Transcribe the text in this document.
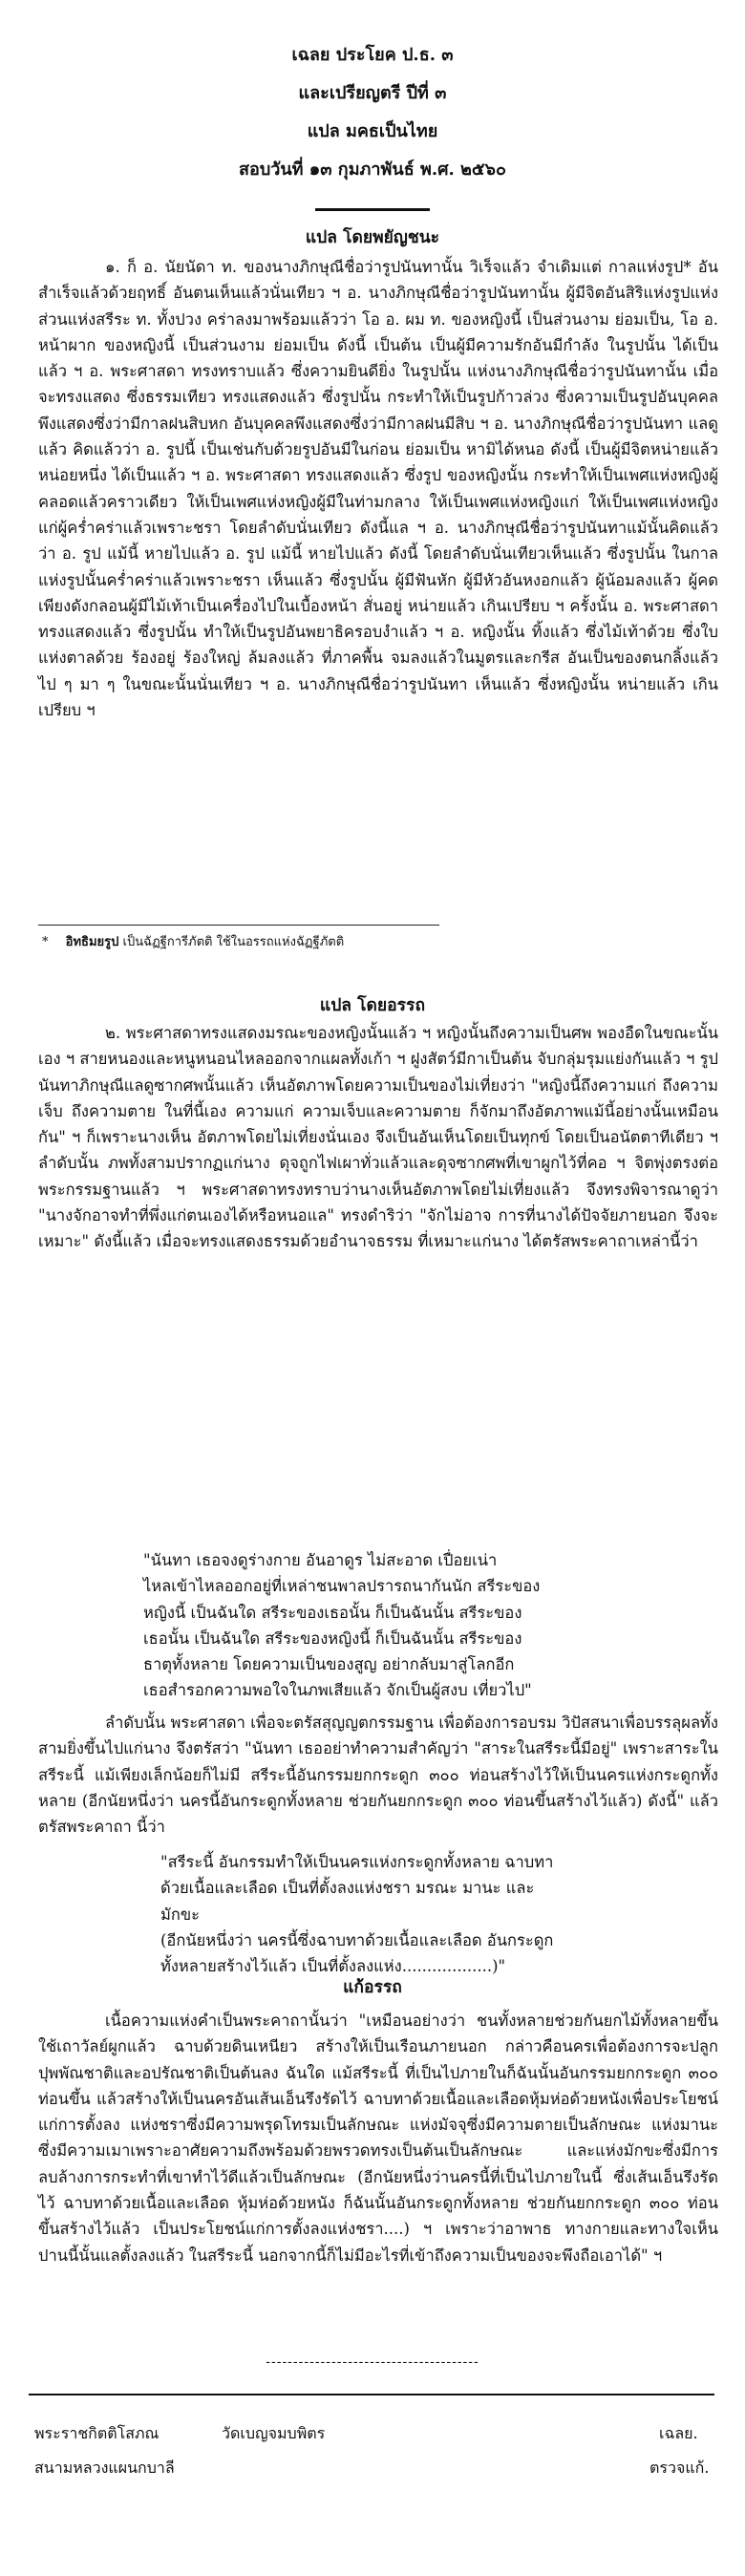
เฉลย ประโยค ป.ธ. ๓
และเปรียญตรี ปีที่ ๓
แปล มคธเป็นไทย
สอบวันที่ ๑๓ กุมภาพันธ์ พ.ศ. ๒๕๖๐
แปล โดยพยัญชนะ

๑. ก็ อ. นัยนัดา ท. ของนางภิกษุณีชื่อว่ารูปนันทานั้น วิเร็จแล้ว จำเดิมแต่ กาลแห่งรูป* อันสำเร็จแล้วด้วยฤทธิ์ อันตนเห็นแล้วนั่นเทียว ฯ อ. นางภิกษุณีชื่อว่ารูปนันทานั้น ผู้มีจิตอันสิริแห่งรูปแห่งส่วนแห่งสรีระ ท. ทั้งปวง คร่าลงมาพร้อมแล้วว่า โอ อ. ผม ท. ของหญิงนี้ เป็นส่วนงาม ย่อมเป็น, โอ อ. หน้าผาก ของหญิงนี้ เป็นส่วนงาม ย่อมเป็น ดังนี้ เป็นต้น เป็นผู้มีความรักอันมีกำลัง ในรูปนั้น ได้เป็นแล้ว ฯ อ. พระศาสดา ทรงทราบแล้ว ซึ่งความยินดียิ่ง ในรูปนั้น แห่งนางภิกษุณีชื่อว่ารูปนันทานั้น เมื่อจะทรงแสดง ซึ่งธรรมเทียว ทรงแสดงแล้ว ซึ่งรูปนั้น กระทำให้เป็นรูปก้าวล่วง ซึ่งความเป็นรูปอันบุคคลพึงแสดงซึ่งว่ามีกาลฝนสิบหก อันบุคคลพึงแสดงซึ่งว่ามีกาลฝนมีสิบ ฯ อ. นางภิกษุณีชื่อว่ารูปนันทา แลดูแล้ว คิดแล้วว่า อ. รูปนี้ เป็นเช่นกับด้วยรูปอันมีในก่อน ย่อมเป็น หามิได้หนอ ดังนี้ เป็นผู้มีจิตหน่ายแล้ว หน่อยหนึ่ง ได้เป็นแล้ว ฯ อ. พระศาสดา ทรงแสดงแล้ว ซึ่งรูป ของหญิงนั้น กระทำให้เป็นเพศแห่งหญิงผู้คลอดแล้วคราวเดียว ให้เป็นเพศแห่งหญิงผู้มีในท่ามกลาง ให้เป็นเพศแห่งหญิงแก่ ให้เป็นเพศแห่งหญิงแก่ผู้คร่ำคร่าแล้วเพราะชรา โดยลำดับนั่นเทียว ดังนี้แล ฯ อ. นางภิกษุณีชื่อว่ารูปนันทาแม้นั้นคิดแล้วว่า อ. รูป แม้นี้ หายไปแล้ว อ. รูป แม้นี้ หายไปแล้ว ดังนี้ โดยลำดับนั่นเทียวเห็นแล้ว ซึ่งรูปนั้น ในกาลแห่งรูปนั้นคร่ำคร่าแล้วเพราะชรา เห็นแล้ว ซึ่งรูปนั้น ผู้มีฟันหัก ผู้มีหัวอันหงอกแล้ว ผู้น้อมลงแล้ว ผู้คดเพียงดังกลอนผู้มีไม้เท้าเป็นเครื่องไปในเบื้องหน้า สั่นอยู่ หน่ายแล้ว เกินเปรียบ ฯ ครั้งนั้น อ. พระศาสดาทรงแสดงแล้ว ซึ่งรูปนั้น ทำให้เป็นรูปอันพยาธิครอบงำแล้ว ฯ อ. หญิงนั้น ทิ้งแล้ว ซึ่งไม้เท้าด้วย ซึ่งใบแห่งตาลด้วย ร้องอยู่ ร้องใหญ่ ล้มลงแล้ว ที่ภาคพื้น จมลงแล้วในมูตรและกรีส อันเป็นของตนกลิ้งแล้ว ไป ๆ มา ๆ ในขณะนั้นนั่นเทียว ฯ อ. นางภิกษุณีชื่อว่ารูปนันทา เห็นแล้ว ซึ่งหญิงนั้น หน่ายแล้ว เกินเปรียบ ฯ

* อิทธิมยรูป เป็นฉัฏฐีการีภัตติ ใช้ในอรรถแห่งฉัฏฐีภัตติ
แปล โดยอรรถ

๒. พระศาสดาทรงแสดงมรณะของหญิงนั้นแล้ว ฯ หญิงนั้นถึงความเป็นศพ พองอืดในขณะนั้นเอง ฯ สายหนองและหนูหนอนไหลออกจากแผลทั้งเก้า ฯ ฝูงสัตว์มีกาเป็นต้น จับกลุ่มรุมแย่งกันแล้ว ฯ รูปนันทาภิกษุณีแลดูซากศพนั้นแล้ว เห็นอัตภาพโดยความเป็นของไม่เที่ยงว่า "หญิงนี้ถึงความแก่ ถึงความเจ็บ ถึงความตาย ในที่นี้เอง ความแก่ ความเจ็บและความตาย ก็จักมาถึงอัตภาพแม้นี้อย่างนั้นเหมือนกัน" ฯ ก็เพราะนางเห็น อัตภาพโดยไม่เที่ยงนั่นเอง จึงเป็นอันเห็นโดยเป็นทุกข์ โดยเป็นอนัตตาทีเดียว ฯ ลำดับนั้น ภพทั้งสามปรากฏแก่นาง ดุจถูกไฟเผาทั่วแล้วและดุจซากศพที่เขาผูกไว้ที่คอ ฯ จิตพุ่งตรงต่อพระกรรมฐานแล้ว ฯ พระศาสดาทรงทราบว่านางเห็นอัตภาพโดยไม่เที่ยงแล้ว จึงทรงพิจารณาดูว่า "นางจักอาจทำที่พึ่งแก่ตนเองได้หรือหนอแล" ทรงดำริว่า "จักไม่อาจ การที่นางได้ปัจจัยภายนอก จึงจะเหมาะ" ดังนี้แล้ว เมื่อจะทรงแสดงธรรมด้วยอำนาจธรรม ที่เหมาะแก่นาง ได้ตรัสพระคาถาเหล่านี้ว่า

"นันทา เธอจงดูร่างกาย อันอาดูร ไม่สะอาด เปื่อยเน่า
ไหลเข้าไหลออกอยู่ที่เหล่าชนพาลปรารถนากันนัก สรีระของ
หญิงนี้ เป็นฉันใด สรีระของเธอนั้น ก็เป็นฉันนั้น สรีระของ
เธอนั้น เป็นฉันใด สรีระของหญิงนี้ ก็เป็นฉันนั้น สรีระของ
ธาตุทั้งหลาย โดยความเป็นของสูญ อย่ากลับมาสู่โลกอีก
เธอสำรอกความพอใจในภพเสียแล้ว จักเป็นผู้สงบ เที่ยวไป"

ลำดับนั้น พระศาสดา เพื่อจะตรัสสุญญตกรรมฐาน เพื่อต้องการอบรม วิปัสสนาเพื่อบรรลุผลทั้งสามยิ่งขึ้นไปแก่นาง จึงตรัสว่า "นันทา เธออย่าทำความสำคัญว่า "สาระในสรีระนี้มีอยู่" เพราะสาระในสรีระนี้ แม้เพียงเล็กน้อยก็ไม่มี สรีระนี้อันกรรมยกกระดูก ๓๐๐ ท่อนสร้างไว้ให้เป็นนครแห่งกระดูกทั้งหลาย (อีกนัยหนึ่งว่า นครนี้อันกระดูกทั้งหลาย ช่วยกันยกกระดูก ๓๐๐ ท่อนขึ้นสร้างไว้แล้ว) ดังนี้" แล้วตรัสพระคาถา นี้ว่า

"สรีระนี้ อันกรรมทำให้เป็นนครแห่งกระดูกทั้งหลาย ฉาบทา
ด้วยเนื้อและเลือด เป็นที่ตั้งลงแห่งชรา มรณะ มานะ และมักขะ
(อีกนัยหนึ่งว่า นครนี้ซึ่งฉาบทาด้วยเนื้อและเลือด อันกระดูก
ทั้งหลายสร้างไว้แล้ว เป็นที่ตั้งลงแห่ง..................)"
แก้อรรถ

เนื้อความแห่งคำเป็นพระคาถานั้นว่า "เหมือนอย่างว่า ชนทั้งหลายช่วยกันยกไม้ทั้งหลายขึ้น ใช้เถาวัลย์ผูกแล้ว ฉาบด้วยดินเหนียว สร้างให้เป็นเรือนภายนอก กล่าวคือนครเพื่อต้องการจะปลูกปุพพัณชาติและอปรัณชาติเป็นต้นลง ฉันใด แม้สรีระนี้ ที่เป็นไปภายในก็ฉันนั้นอันกรรมยกกระดูก ๓๐๐ ท่อนขึ้น แล้วสร้างให้เป็นนครอันเส้นเอ็นรึงรัดไว้ ฉาบทาด้วยเนื้อและเลือดหุ้มห่อด้วยหนังเพื่อประโยชน์แก่การตั้งลง แห่งชราซึ่งมีความพรุดโทรมเป็นลักษณะ แห่งมัจจุซึ่งมีความตายเป็นลักษณะ แห่งมานะซึ่งมีความเมาเพราะอาศัยความถึงพร้อมด้วยพรวดทรงเป็นต้นเป็นลักษณะ และแห่งมักขะซึ่งมีการลบล้างการกระทำที่เขาทำไว้ดีแล้วเป็นลักษณะ (อีกนัยหนึ่งว่านครนี้ที่เป็นไปภายในนี้ ซึ่งเส้นเอ็นรึงรัดไว้ ฉาบทาด้วยเนื้อและเลือด หุ้มห่อด้วยหนัง ก็ฉันนั้นอันกระดูกทั้งหลาย ช่วยกันยกกระดูก ๓๐๐ ท่อนขึ้นสร้างไว้แล้ว เป็นประโยชน์แก่การตั้งลงแห่งชรา....) ฯ เพราะว่าอาพาธ ทางกายและทางใจเห็นปานนี้นั้นแลตั้งลงแล้ว ในสรีระนี้ นอกจากนี้ก็ไม่มีอะไรที่เข้าถึงความเป็นของจะพึงถือเอาได้" ฯ

---------------------------------------
พระราชกิตติโสภณ	วัดเบญจมบพิตร	เฉลย.
สนามหลวงแผนกบาลี	ตรวจแก้.
